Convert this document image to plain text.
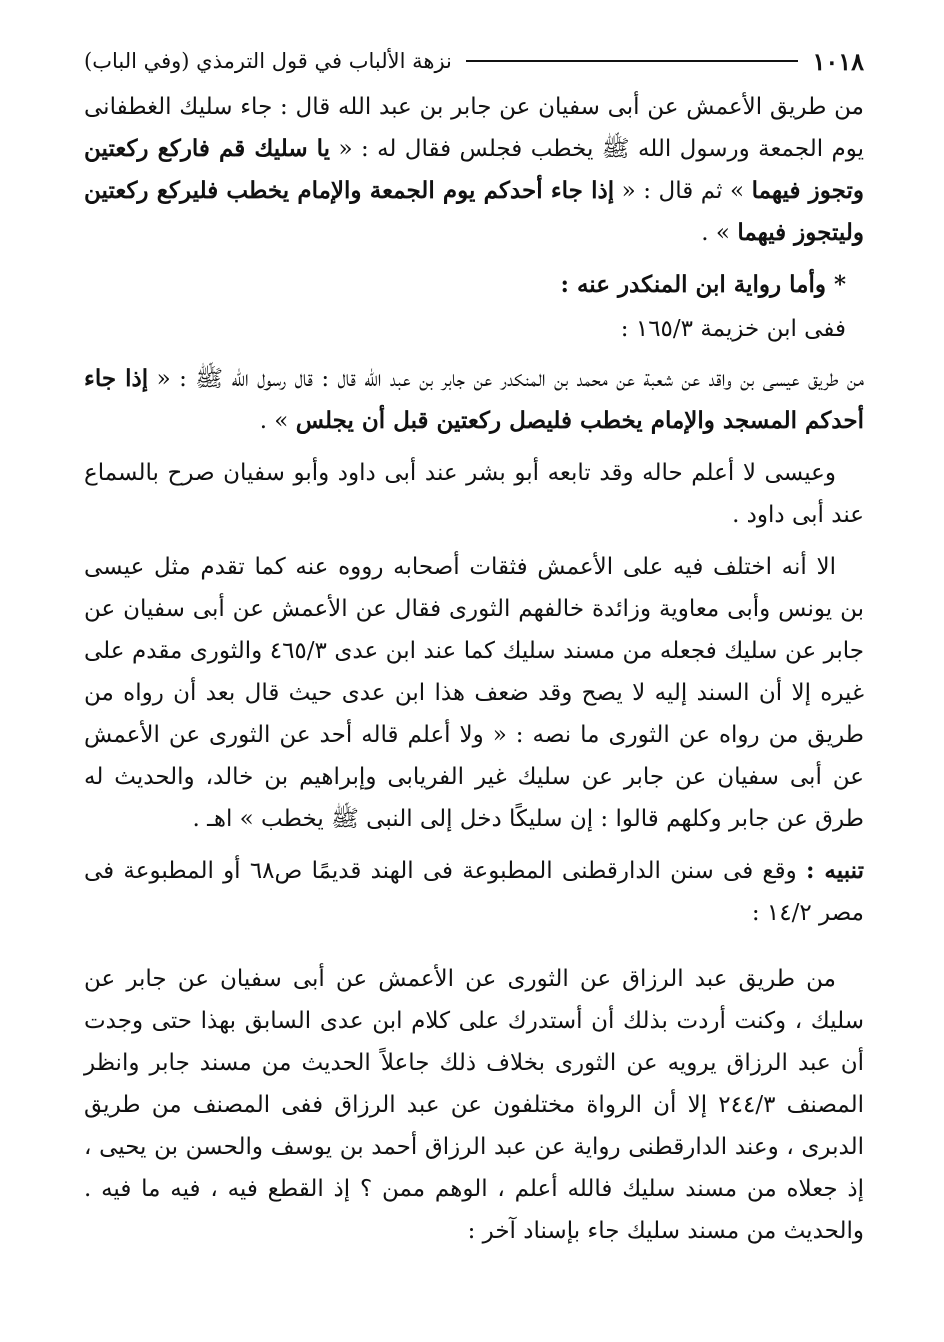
١٠١٨
نزهة الألباب في قول الترمذي (وفي الباب)

من طريق الأعمش عن أبى سفيان عن جابر بن عبد الله قال : جاء سليك الغطفانى يوم الجمعة ورسول الله ﷺ يخطب فجلس فقال له : « يا سليك قم فاركع ركعتين وتجوز فيهما » ثم قال : « إذا جاء أحدكم يوم الجمعة والإمام يخطب فليركع ركعتين وليتجوز فيهما » .

* وأما رواية ابن المنكدر عنه :
ففى ابن خزيمة ١٦٥/٣ :

من طريق عيسى بن واقد عن شعبة عن محمد بن المنكدر عن جابر بن عبد الله قال : قال رسول الله ﷺ : « إذا جاء أحدكم المسجد والإمام يخطب فليصل ركعتين قبل أن يجلس » .

وعيسى لا أعلم حاله وقد تابعه أبو بشر عند أبى داود وأبو سفيان صرح بالسماع عند أبى داود .

الا أنه اختلف فيه على الأعمش فثقات أصحابه رووه عنه كما تقدم مثل عيسى بن يونس وأبى معاوية وزائدة خالفهم الثورى فقال عن الأعمش عن أبى سفيان عن جابر عن سليك فجعله من مسند سليك كما عند ابن عدى ٤٦٥/٣ والثورى مقدم على غيره إلا أن السند إليه لا يصح وقد ضعف هذا ابن عدى حيث قال بعد أن رواه من طريق من رواه عن الثورى ما نصه : « ولا أعلم قاله أحد عن الثورى عن الأعمش عن أبى سفيان عن جابر عن سليك غير الفريابى وإبراهيم بن خالد، والحديث له طرق عن جابر وكلهم قالوا : إن سليكًا دخل إلى النبى ﷺ يخطب » اهـ .

تنبيه : وقع فى سنن الدارقطنى المطبوعة فى الهند قديمًا ص٦٨ أو المطبوعة فى مصر ١٤/٢ :

من طريق عبد الرزاق عن الثورى عن الأعمش عن أبى سفيان عن جابر عن سليك ، وكنت أردت بذلك أن أستدرك على كلام ابن عدى السابق بهذا حتى وجدت أن عبد الرزاق يرويه عن الثورى بخلاف ذلك جاعلاً الحديث من مسند جابر وانظر المصنف ٢٤٤/٣ إلا أن الرواة مختلفون عن عبد الرزاق ففى المصنف من طريق الدبرى ، وعند الدارقطنى رواية عن عبد الرزاق أحمد بن يوسف والحسن بن يحيى ، إذ جعلاه من مسند سليك فالله أعلم ، الوهم ممن ؟ إذ القطع فيه ، فيه ما فيه . والحديث من مسند سليك جاء بإسناد آخر :
